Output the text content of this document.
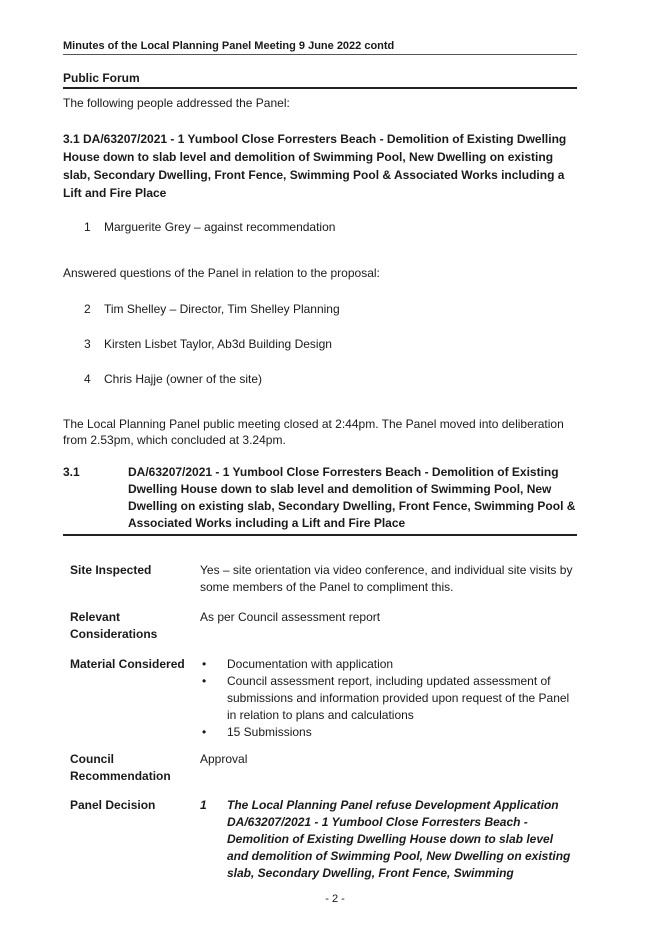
Minutes of the Local Planning Panel Meeting 9 June 2022 contd
Public Forum
The following people addressed the Panel:
3.1 DA/63207/2021 - 1 Yumbool Close Forresters Beach - Demolition of Existing Dwelling House down to slab level and demolition of Swimming Pool, New Dwelling on existing slab, Secondary Dwelling, Front Fence, Swimming Pool & Associated Works including a Lift and Fire Place
1 Marguerite Grey – against recommendation
Answered questions of the Panel in relation to the proposal:
2 Tim Shelley – Director, Tim Shelley Planning
3 Kirsten Lisbet Taylor, Ab3d Building Design
4 Chris Hajje (owner of the site)
The Local Planning Panel public meeting closed at 2:44pm. The Panel moved into deliberation from 2.53pm, which concluded at 3.24pm.
3.1	DA/63207/2021 - 1 Yumbool Close Forresters Beach - Demolition of Existing Dwelling House down to slab level and demolition of Swimming Pool, New Dwelling on existing slab, Secondary Dwelling, Front Fence, Swimming Pool & Associated Works including a Lift and Fire Place
Site Inspected	Yes – site orientation via video conference, and individual site visits by some members of the Panel to compliment this.
Relevant Considerations
As per Council assessment report
Material Considered
•	Documentation with application
• Council assessment report, including updated assessment of submissions and information provided upon request of the Panel in relation to plans and calculations
• 15 Submissions
Council Recommendation
Approval
Panel Decision	1 The Local Planning Panel refuse Development Application DA/63207/2021 - 1 Yumbool Close Forresters Beach - Demolition of Existing Dwelling House down to slab level and demolition of Swimming Pool, New Dwelling on existing slab, Secondary Dwelling, Front Fence, Swimming
- 2 -
